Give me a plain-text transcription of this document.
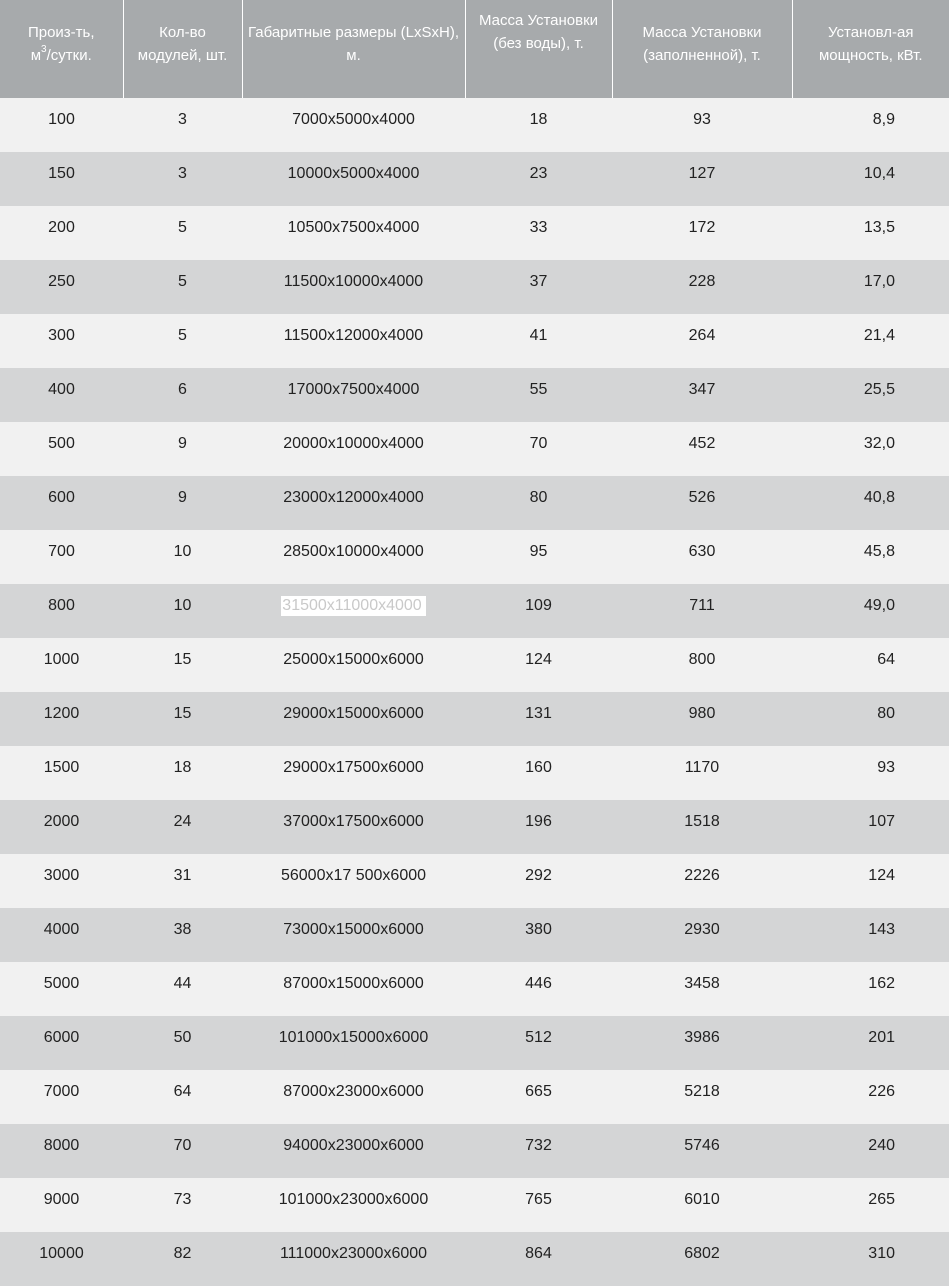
Произ-ть,
$м^3$/сутки.	Кол-во модулей, шт.	Габаритные размеры (LxSxH), м.	Масса Установки (без воды), т.	Масса Установки (заполненной), т.	Установл-ая мощность, кВт.
100	3	7000x5000x4000	18	93	8,9
150	3	10000x5000x4000	23	127	10,4
200	5	10500x7500x4000	33	172	13,5
250	5	11500x10000x4000	37	228	17,0
300	5	11500x12000x4000	41	264	21,4
400	6	17000x7500x4000	55	347	25,5
500	9	20000x10000x4000	70	452	32,0
600	9	23000x12000x4000	80	526	40,8
700	10	28500x10000x4000	95	630	45,8
800	10	31500x11000x4000	109	711	49,0
1000	15	25000x15000x6000	124	800	64
1200	15	29000x15000x6000	131	980	80
1500	18	29000x17500x6000	160	1170	93
2000	24	37000x17500x6000	196	1518	107
3000	31	56000x17 500x6000	292	2226	124
4000	38	73000x15000x6000	380	2930	143
5000	44	87000x15000x6000	446	3458	162
6000	50	101000x15000x6000	512	3986	201
7000	64	87000x23000x6000	665	5218	226
8000	70	94000x23000x6000	732	5746	240
9000	73	101000x23000x6000	765	6010	265
10000	82	111000x23000x6000	864	6802	310
